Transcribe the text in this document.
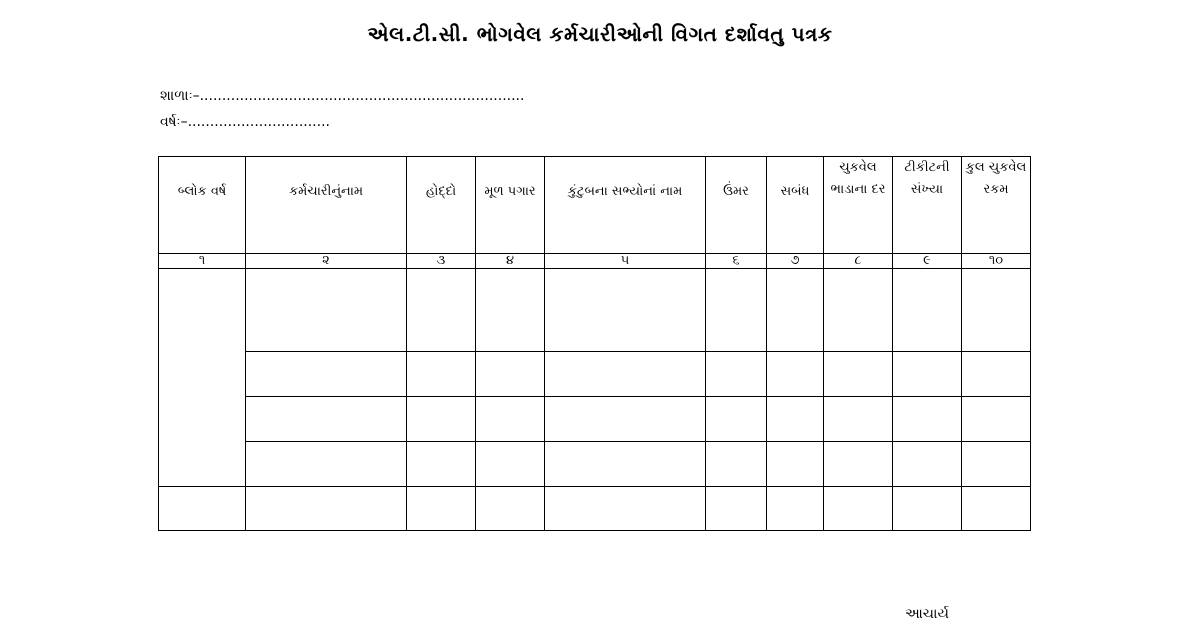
એલ.ટી.સી. ભોગવેલ કર્મચારીઓની વિગત દર્શાવતુ પત્રક
શાળાઃ–.........................................................................
વર્ષઃ–................................
બ્લોક વર્ષ	કર્મચારીનુંનામ	હોદ્દો	મૂળ પગાર	કુંટુબના સભ્યોનાં નામ	ઉંમર	સબંધ	ચુકવેલ ભાડાના દર	ટીકીટની સંખ્યા	કુલ ચુકવેલ રકમ
૧	૨	૩	૪	૫	૬	૭	૮	૯	૧૦

આચાર્ય
